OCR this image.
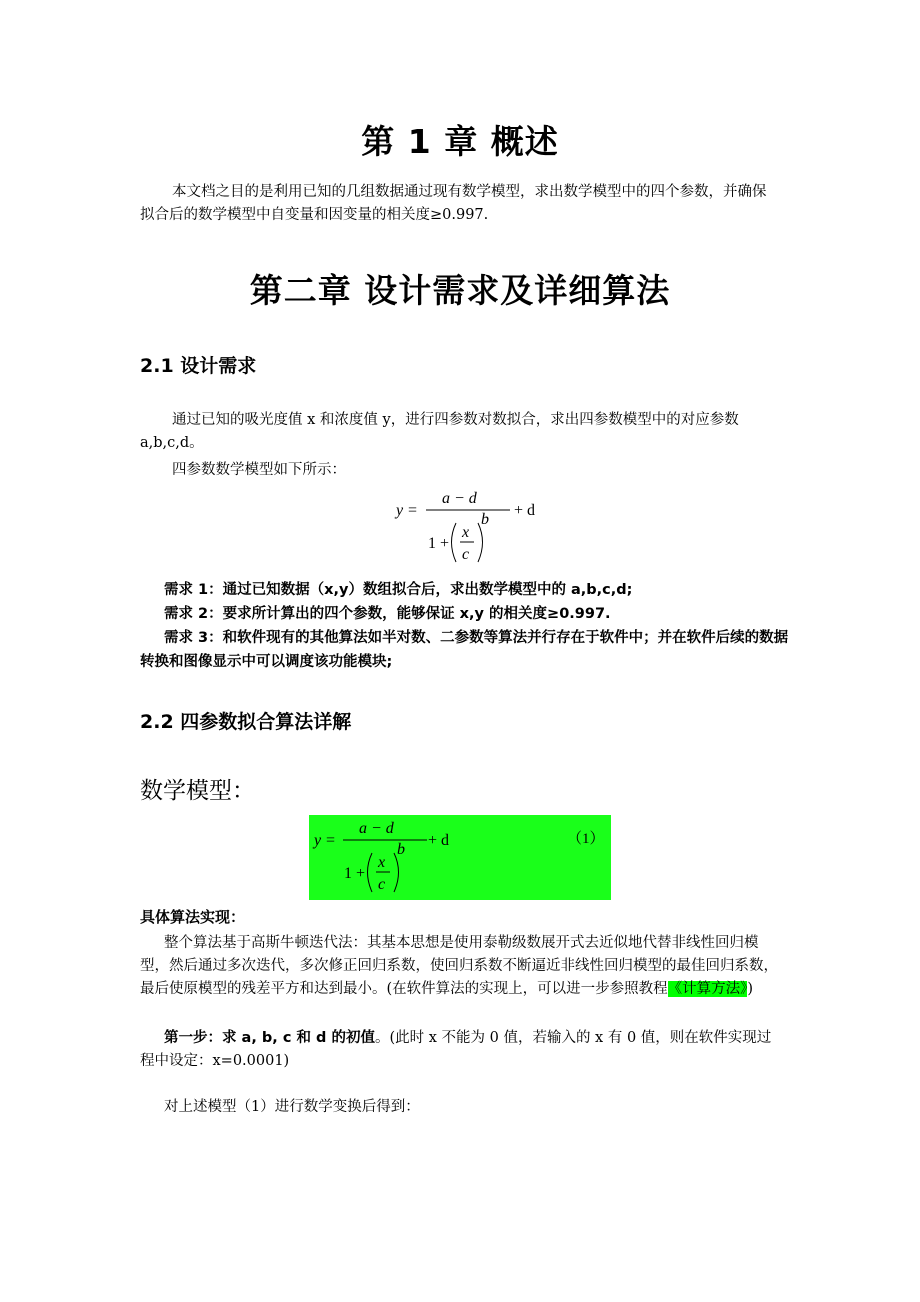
第 1 章 概述
本文档之目的是利用已知的几组数据通过现有数学模型，求出数学模型中的四个参数，并确保拟合后的数学模型中自变量和因变量的相关度≥0.997.
第二章 设计需求及详细算法
2.1 设计需求
通过已知的吸光度值 x 和浓度值 y，进行四参数对数拟合，求出四参数模型中的对应参数 a,b,c,d。
四参数数学模型如下所示：
y =
a − d
1 +
x
c
b
+ d
需求 1：通过已知数据（x,y）数组拟合后，求出数学模型中的 a,b,c,d;
需求 2：要求所计算出的四个参数，能够保证 x,y 的相关度≥0.997.
需求 3：和软件现有的其他算法如半对数、二参数等算法并行存在于软件中；并在软件后续的数据转换和图像显示中可以调度该功能模块;
2.2 四参数拟合算法详解
数学模型：
y =
a − d
1 +
x
c
b
+ d	（1）
具体算法实现：
整个算法基于高斯牛顿迭代法：其基本思想是使用泰勒级数展开式去近似地代替非线性回归模型，然后通过多次迭代，多次修正回归系数，使回归系数不断逼近非线性回归模型的最佳回归系数，最后使原模型的残差平方和达到最小。(在软件算法的实现上，可以进一步参照教程《计算方法》)
第一步：求 a, b, c 和 d 的初值。(此时 x 不能为 0 值，若输入的 x 有 0 值，则在软件实现过程中设定：x=0.0001)
对上述模型（1）进行数学变换后得到：
